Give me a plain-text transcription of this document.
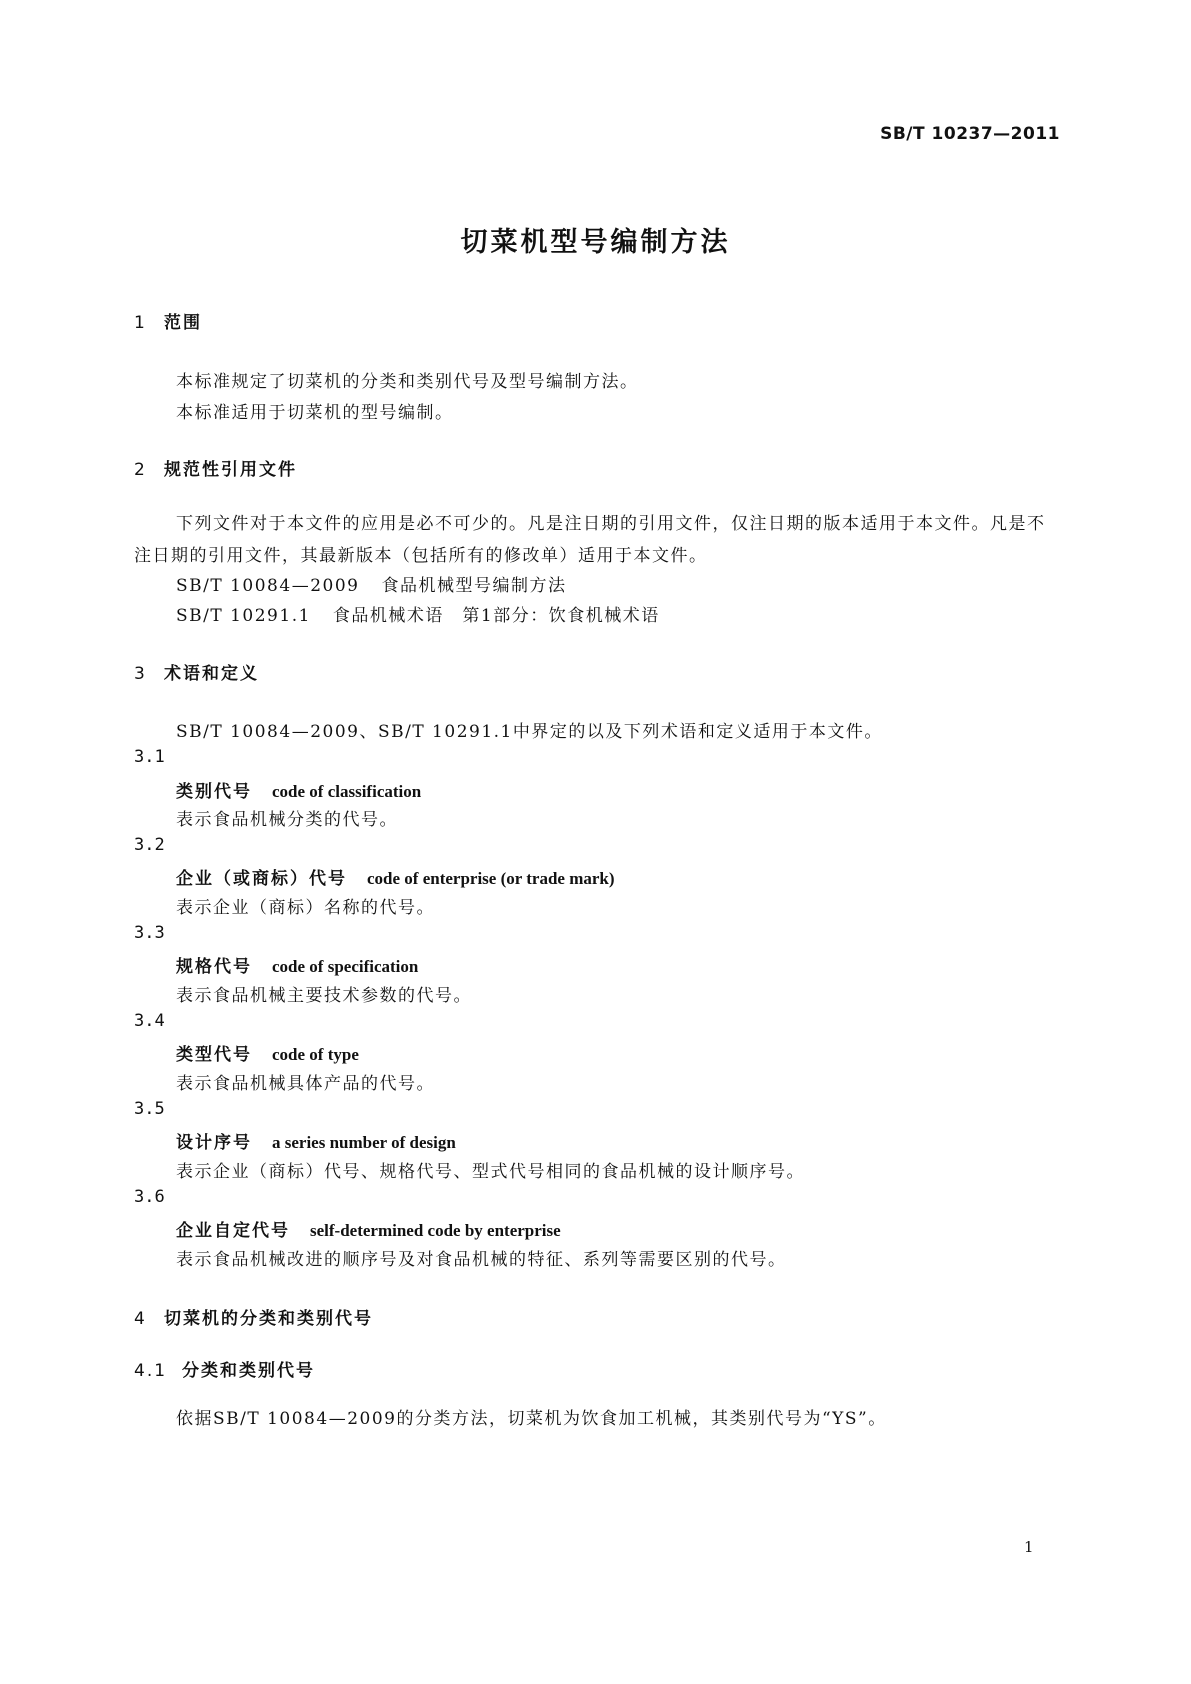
SB/T 10237—2011
切菜机型号编制方法
1 范围
本标准规定了切菜机的分类和类别代号及型号编制方法。
本标准适用于切菜机的型号编制。
2 规范性引用文件
下列文件对于本文件的应用是必不可少的。凡是注日期的引用文件，仅注日期的版本适用于本文件。凡是不注日期的引用文件，其最新版本（包括所有的修改单）适用于本文件。
SB/T 10084—2009 食品机械型号编制方法
SB/T 10291.1 食品机械术语　第1部分：饮食机械术语
3 术语和定义
SB/T 10084—2009、SB/T 10291.1中界定的以及下列术语和定义适用于本文件。
3.1
类别代号 code of classification
表示食品机械分类的代号。
3.2
企业（或商标）代号 code of enterprise (or trade mark)
表示企业（商标）名称的代号。
3.3
规格代号 code of specification
表示食品机械主要技术参数的代号。
3.4
类型代号 code of type
表示食品机械具体产品的代号。
3.5
设计序号 a series number of design
表示企业（商标）代号、规格代号、型式代号相同的食品机械的设计顺序号。
3.6
企业自定代号 self-determined code by enterprise
表示食品机械改进的顺序号及对食品机械的特征、系列等需要区别的代号。
4 切菜机的分类和类别代号
4.1 分类和类别代号
依据SB/T 10084—2009的分类方法，切菜机为饮食加工机械，其类别代号为“YS”。
1
